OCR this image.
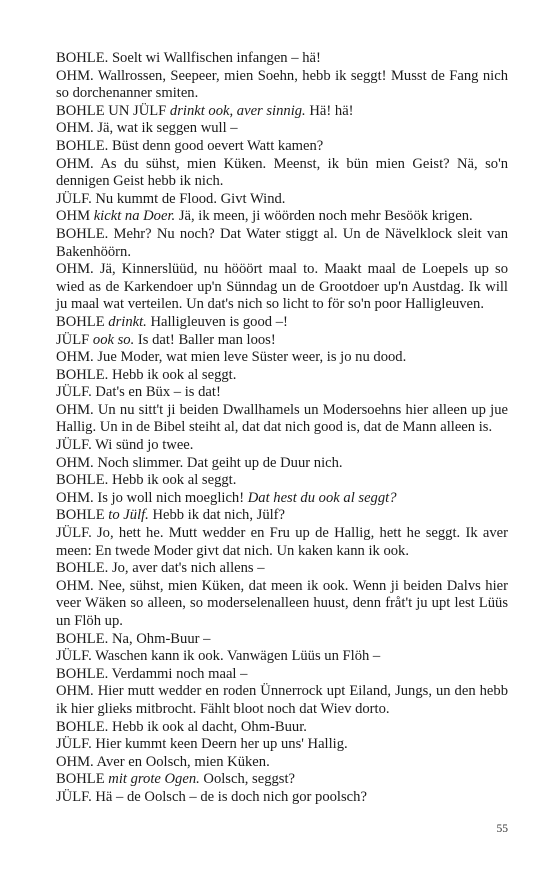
BOHLE. Soelt wi Wallfischen infangen – hä!
OHM. Wallrossen, Seepeer, mien Soehn, hebb ik seggt! Musst de Fang nich so dorchenanner smiten.
BOHLE UN JÜLF drinkt ook, aver sinnig. Hä! hä!
OHM. Jä, wat ik seggen wull –
BOHLE. Büst denn good oevert Watt kamen?
OHM. As du sühst, mien Küken. Meenst, ik bün mien Geist? Nä, so'n dennigen Geist hebb ik nich.
JÜLF. Nu kummt de Flood. Givt Wind.
OHM kickt na Doer. Jä, ik meen, ji wöörden noch mehr Besöök krigen.
BOHLE. Mehr? Nu noch? Dat Water stiggt al. Un de Nävelklock sleit van Bakenhöörn.
OHM. Jä, Kinnerslüüd, nu hööört maal to. Maakt maal de Loepels up so wied as de Karkendoer up'n Sünndag un de Grootdoer up'n Austdag. Ik will ju maal wat verteilen. Un dat's nich so licht to för so'n poor Halligleuven.
BOHLE drinkt. Halligleuven is good –!
JÜLF ook so. Is dat! Baller man loos!
OHM. Jue Moder, wat mien leve Süster weer, is jo nu dood.
BOHLE. Hebb ik ook al seggt.
JÜLF. Dat's en Büx – is dat!
OHM. Un nu sitt't ji beiden Dwallhamels un Modersoehns hier alleen up jue Hallig. Un in de Bibel steiht al, dat dat nich good is, dat de Mann alleen is.
JÜLF. Wi sünd jo twee.
OHM. Noch slimmer. Dat geiht up de Duur nich.
BOHLE. Hebb ik ook al seggt.
OHM. Is jo woll nich moeglich! Dat hest du ook al seggt?
BOHLE to Jülf. Hebb ik dat nich, Jülf?
JÜLF. Jo, hett he. Mutt wedder en Fru up de Hallig, hett he seggt. Ik aver meen: En twede Moder givt dat nich. Un kaken kann ik ook.
BOHLE. Jo, aver dat's nich allens –
OHM. Nee, sühst, mien Küken, dat meen ik ook. Wenn ji beiden Dalvs hier veer Wäken so alleen, so moderselenalleen huust, denn fråt't ju upt lest Lüüs un Flöh up.
BOHLE. Na, Ohm-Buur –
JÜLF. Waschen kann ik ook. Vanwägen Lüüs un Flöh –
BOHLE. Verdammi noch maal –
OHM. Hier mutt wedder en roden Ünnerrock upt Eiland, Jungs, un den hebb ik hier glieks mitbrocht. Fählt bloot noch dat Wiev dorto.
BOHLE. Hebb ik ook al dacht, Ohm-Buur.
JÜLF. Hier kummt keen Deern her up uns' Hallig.
OHM. Aver en Oolsch, mien Küken.
BOHLE mit grote Ogen. Oolsch, seggst?
JÜLF. Hä – de Oolsch – de is doch nich gor poolsch?
55
